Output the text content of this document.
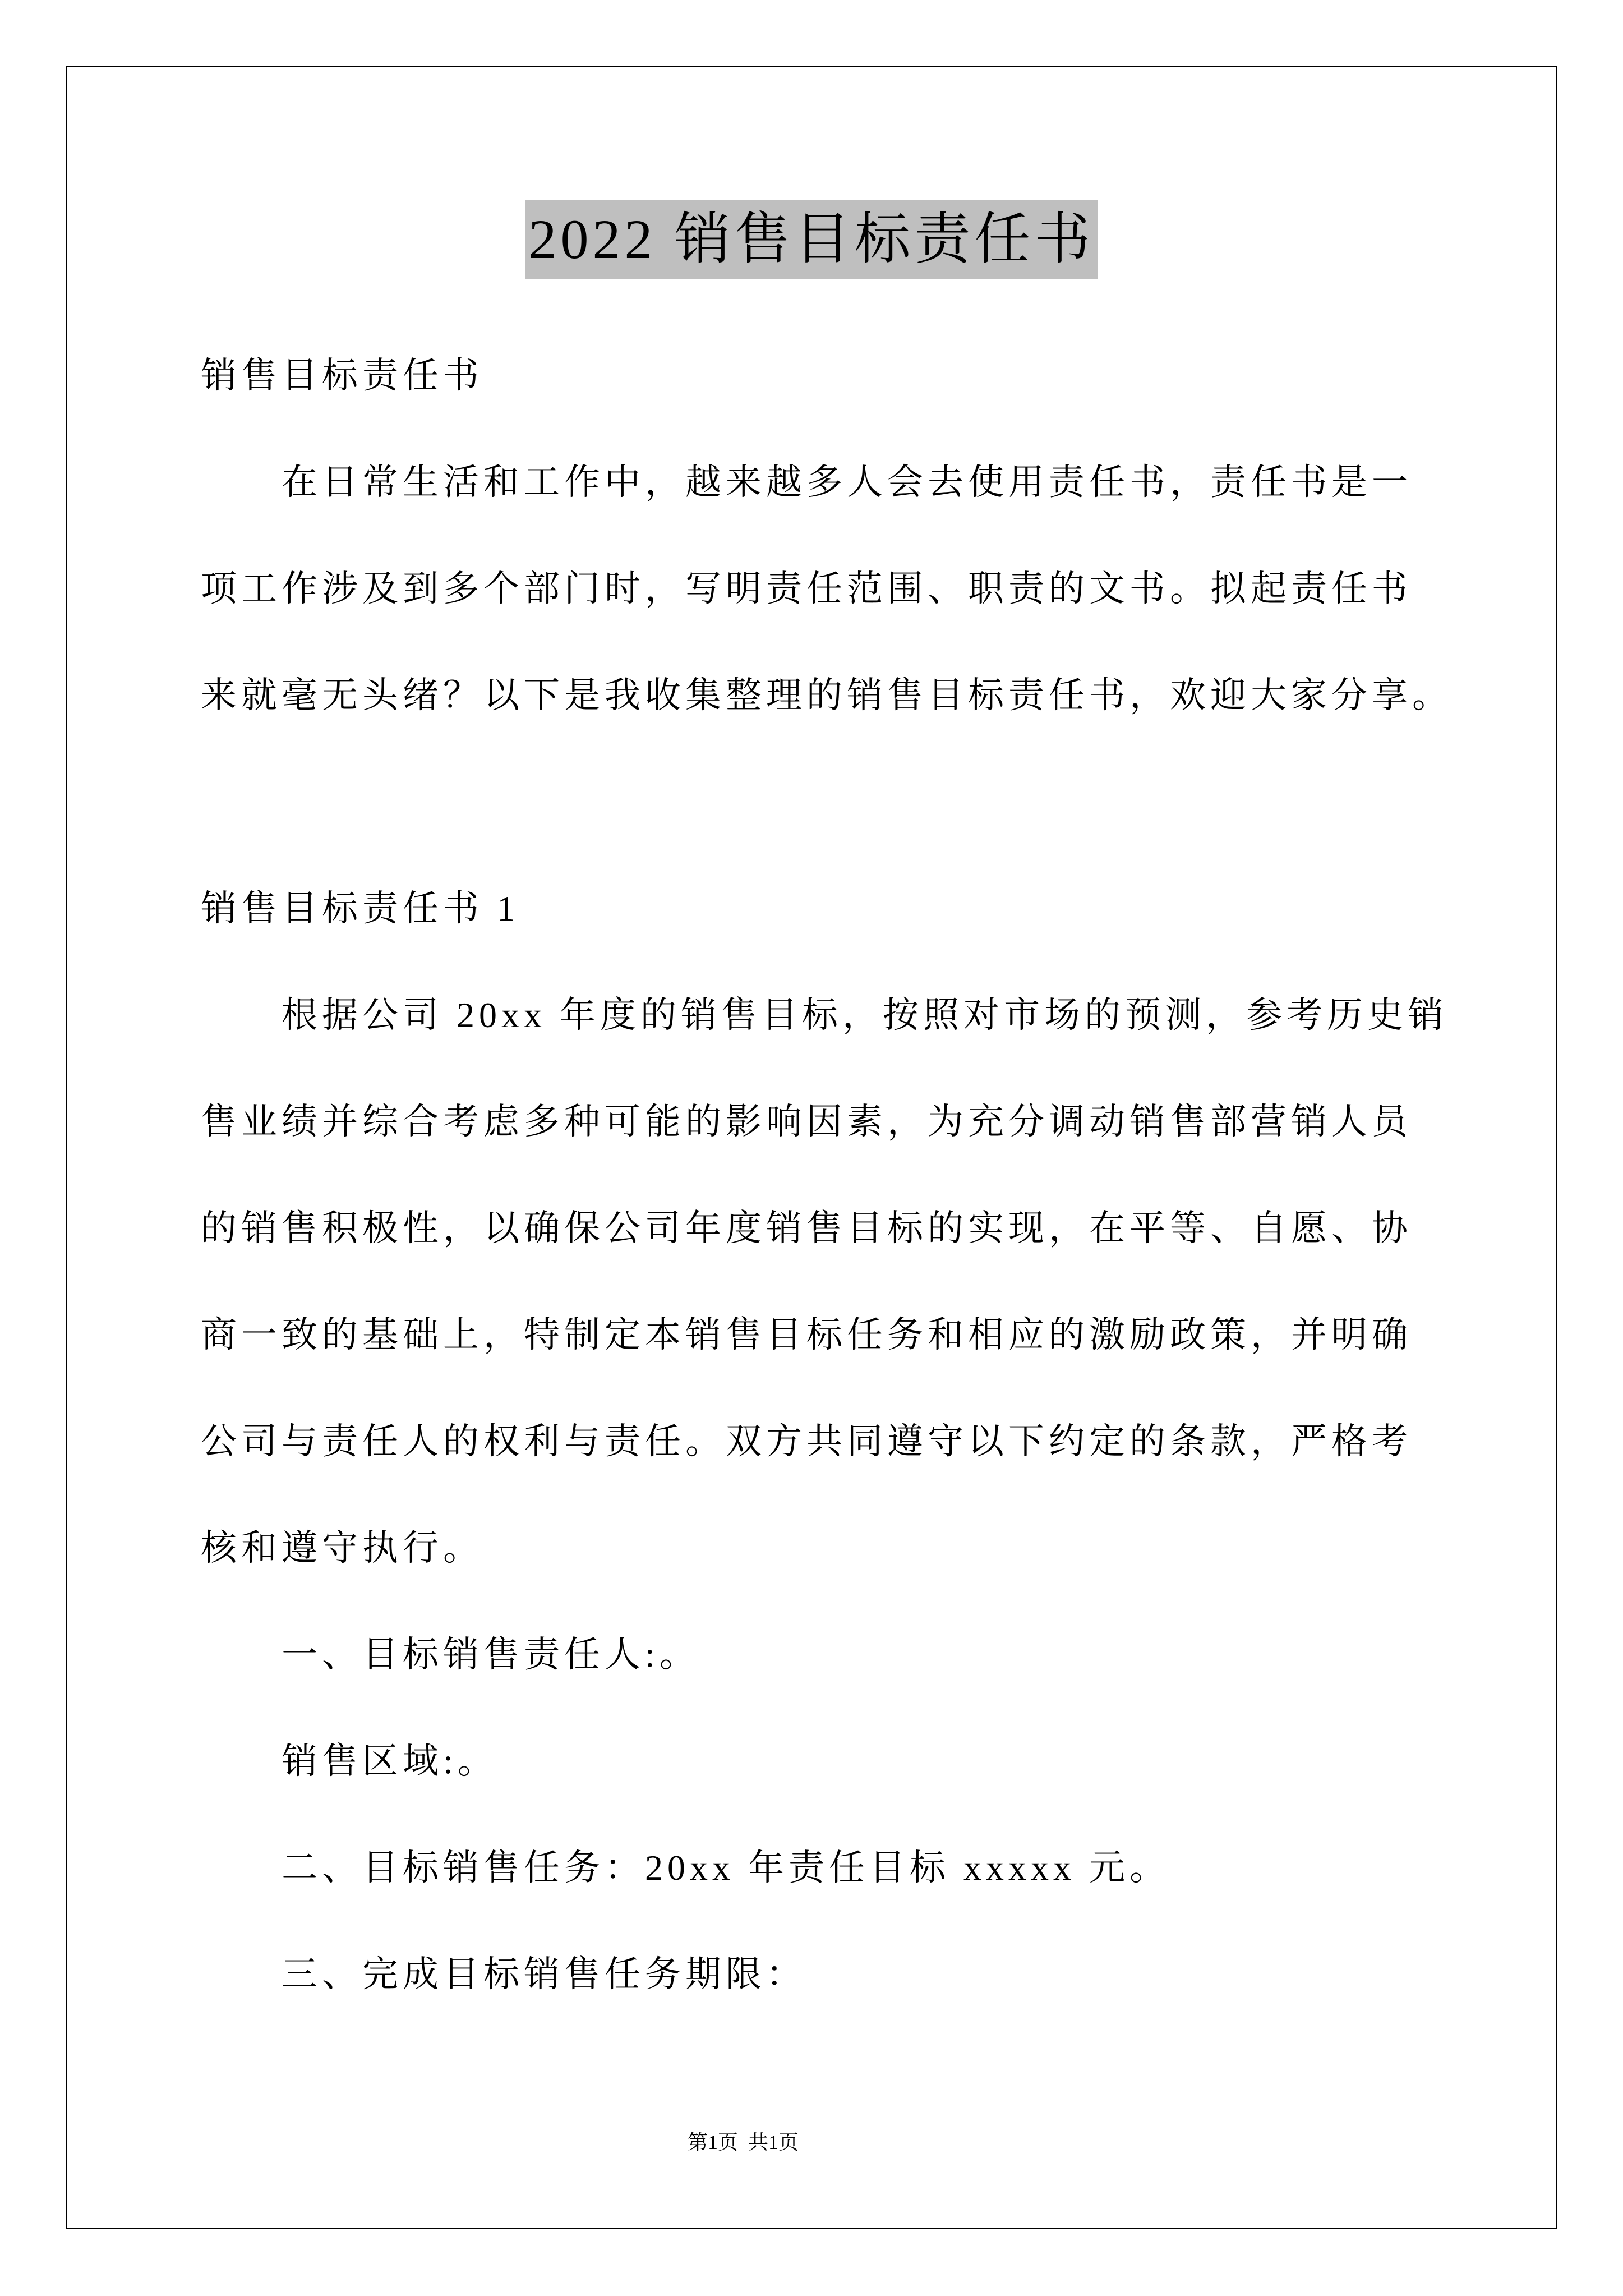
2022 销售目标责任书
销售目标责任书
在日常生活和工作中，越来越多人会去使用责任书，责任书是一
项工作涉及到多个部门时，写明责任范围、职责的文书。拟起责任书
来就毫无头绪？以下是我收集整理的销售目标责任书，欢迎大家分享。
销售目标责任书 1
根据公司 20xx 年度的销售目标，按照对市场的预测，参考历史销
售业绩并综合考虑多种可能的影响因素，为充分调动销售部营销人员
的销售积极性，以确保公司年度销售目标的实现，在平等、自愿、协
商一致的基础上，特制定本销售目标任务和相应的激励政策，并明确
公司与责任人的权利与责任。双方共同遵守以下约定的条款，严格考
核和遵守执行。
一、目标销售责任人:。
销售区域:。
二、目标销售任务：20xx 年责任目标 xxxxx 元。
三、完成目标销售任务期限：
第1页  共1页
